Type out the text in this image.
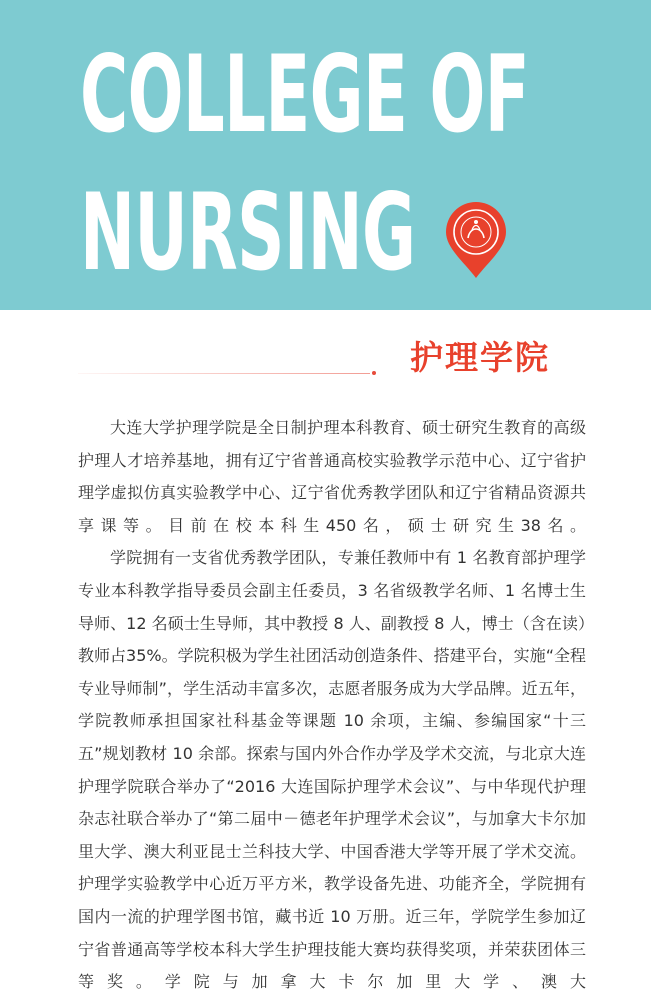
COLLEGE OF
NURSING
护理学院

大连大学护理学院是全日制护理本科教育、硕士研究生教育的高级护理人才培养基地，拥有辽宁省普通高校实验教学示范中心、辽宁省护理学虚拟仿真实验教学中心、辽宁省优秀教学团队和辽宁省精品资源共享课等。目前在校本科生450名，硕士研究生38名。

学院拥有一支省优秀教学团队，专兼任教师中有 1 名教育部护理学专业本科教学指导委员会副主任委员，3 名省级教学名师、1 名博士生导师、12 名硕士生导师，其中教授 8 人、副教授 8 人，博士（含在读）教师占35%。学院积极为学生社团活动创造条件、搭建平台，实施“全程专业导师制”，学生活动丰富多次，志愿者服务成为大学品牌。近五年，学院教师承担国家社科基金等课题 10 余项，主编、参编国家“十三五”规划教材 10 余部。探索与国内外合作办学及学术交流，与北京大连护理学院联合举办了“2016 大连国际护理学术会议”、与中华现代护理杂志社联合举办了“第二届中－德老年护理学术会议”，与加拿大卡尔加里大学、澳大利亚昆士兰科技大学、中国香港大学等开展了学术交流。护理学实验教学中心近万平方米，教学设备先进、功能齐全，学院拥有国内一流的护理学图书馆，藏书近 10 万册。近三年，学院学生参加辽宁省普通高等学校本科大学生护理技能大赛均获得奖项，并荣获团体三等奖。学院与加拿大卡尔加里大学、澳大
